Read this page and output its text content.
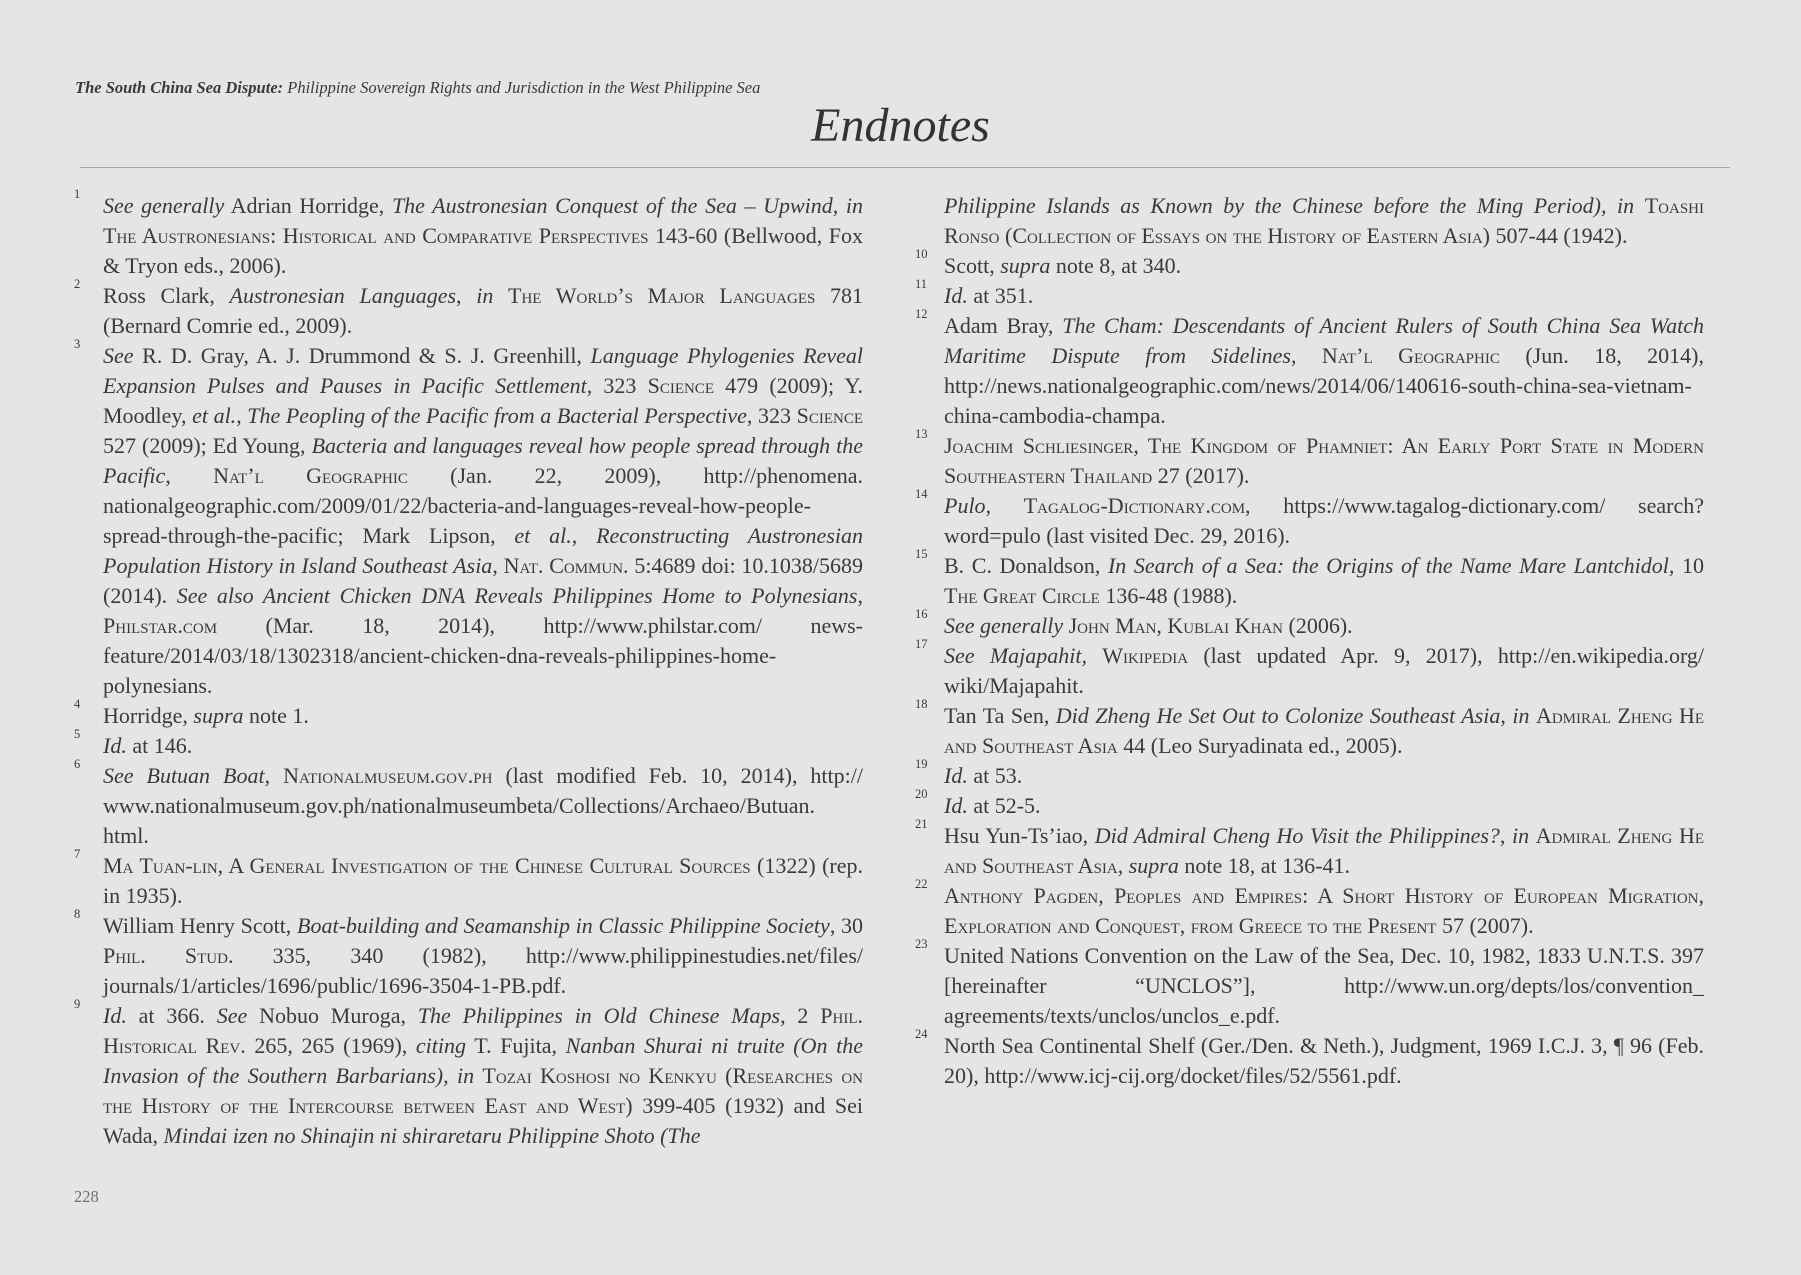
The South China Sea Dispute: Philippine Sovereign Rights and Jurisdiction in the West Philippine Sea
Endnotes
1 See generally Adrian Horridge, The Austronesian Conquest of the Sea – Upwind, in The Austronesians: Historical and Comparative Perspectives 143-60 (Bellwood, Fox & Tryon eds., 2006).
2 Ross Clark, Austronesian Languages, in The World’s Major Languages 781 (Bernard Comrie ed., 2009).
3 See R. D. Gray, A. J. Drummond & S. J. Greenhill, Language Phylogenies Reveal Expansion Pulses and Pauses in Pacific Settlement, 323 Science 479 (2009); Y. Moodley, et al., The Peopling of the Pacific from a Bacterial Perspective, 323 Science 527 (2009); Ed Young, Bacteria and languages reveal how people spread through the Pacific, Nat’l Geographic (Jan. 22, 2009), http://phenomena. nationalgeographic.com/2009/01/22/bacteria-and-languages-reveal-how-people-spread-through-the-pacific; Mark Lipson, et al., Reconstructing Austronesian Population History in Island Southeast Asia, Nat. Commun. 5:4689 doi: 10.1038/5689 (2014). See also Ancient Chicken DNA Reveals Philippines Home to Polynesians, Philstar.com (Mar. 18, 2014), http://www.philstar.com/ news-feature/2014/03/18/1302318/ancient-chicken-dna-reveals-philippines-home-polynesians.
4 Horridge, supra note 1.
5 Id. at 146.
6 See Butuan Boat, Nationalmuseum.gov.ph (last modified Feb. 10, 2014), http:// www.nationalmuseum.gov.ph/nationalmuseumbeta/Collections/Archaeo/Butuan. html.
7 Ma Tuan-lin, A General Investigation of the Chinese Cultural Sources (1322) (rep. in 1935).
8 William Henry Scott, Boat-building and Seamanship in Classic Philippine Society, 30 Phil. Stud. 335, 340 (1982), http://www.philippinestudies.net/files/ journals/1/articles/1696/public/1696-3504-1-PB.pdf.
9 Id. at 366. See Nobuo Muroga, The Philippines in Old Chinese Maps, 2 Phil. Historical Rev. 265, 265 (1969), citing T. Fujita, Nanban Shurai ni truite (On the Invasion of the Southern Barbarians), in Tozai Koshosi no Kenkyu (Researches on the History of the Intercourse between East and West) 399-405 (1932) and Sei Wada, Mindai izen no Shinajin ni shiraretaru Philippine Shoto (The
Philippine Islands as Known by the Chinese before the Ming Period), in Toashi Ronso (Collection of Essays on the History of Eastern Asia) 507-44 (1942).
10 Scott, supra note 8, at 340.
11 Id. at 351.
12 Adam Bray, The Cham: Descendants of Ancient Rulers of South China Sea Watch Maritime Dispute from Sidelines, Nat’l Geographic (Jun. 18, 2014), http://news.nationalgeographic.com/news/2014/06/140616-south-china-sea-vietnam-china-cambodia-champa.
13 Joachim Schliesinger, The Kingdom of Phamniet: An Early Port State in Modern Southeastern Thailand 27 (2017).
14 Pulo, Tagalog-Dictionary.com, https://www.tagalog-dictionary.com/ search?word=pulo (last visited Dec. 29, 2016).
15 B. C. Donaldson, In Search of a Sea: the Origins of the Name Mare Lantchidol, 10 The Great Circle 136-48 (1988).
16 See generally John Man, Kublai Khan (2006).
17 See Majapahit, Wikipedia (last updated Apr. 9, 2017), http://en.wikipedia.org/ wiki/Majapahit.
18 Tan Ta Sen, Did Zheng He Set Out to Colonize Southeast Asia, in Admiral Zheng He and Southeast Asia 44 (Leo Suryadinata ed., 2005).
19 Id. at 53.
20 Id. at 52-5.
21 Hsu Yun-Ts’iao, Did Admiral Cheng Ho Visit the Philippines?, in Admiral Zheng He and Southeast Asia, supra note 18, at 136-41.
22 Anthony Pagden, Peoples and Empires: A Short History of European Migration, Exploration and Conquest, from Greece to the Present 57 (2007).
23 United Nations Convention on the Law of the Sea, Dec. 10, 1982, 1833 U.N.T.S. 397 [hereinafter “UNCLOS”], http://www.un.org/depts/los/convention_ agreements/texts/unclos/unclos_e.pdf.
24 North Sea Continental Shelf (Ger./Den. & Neth.), Judgment, 1969 I.C.J. 3, ¶ 96 (Feb. 20), http://www.icj-cij.org/docket/files/52/5561.pdf.
228
